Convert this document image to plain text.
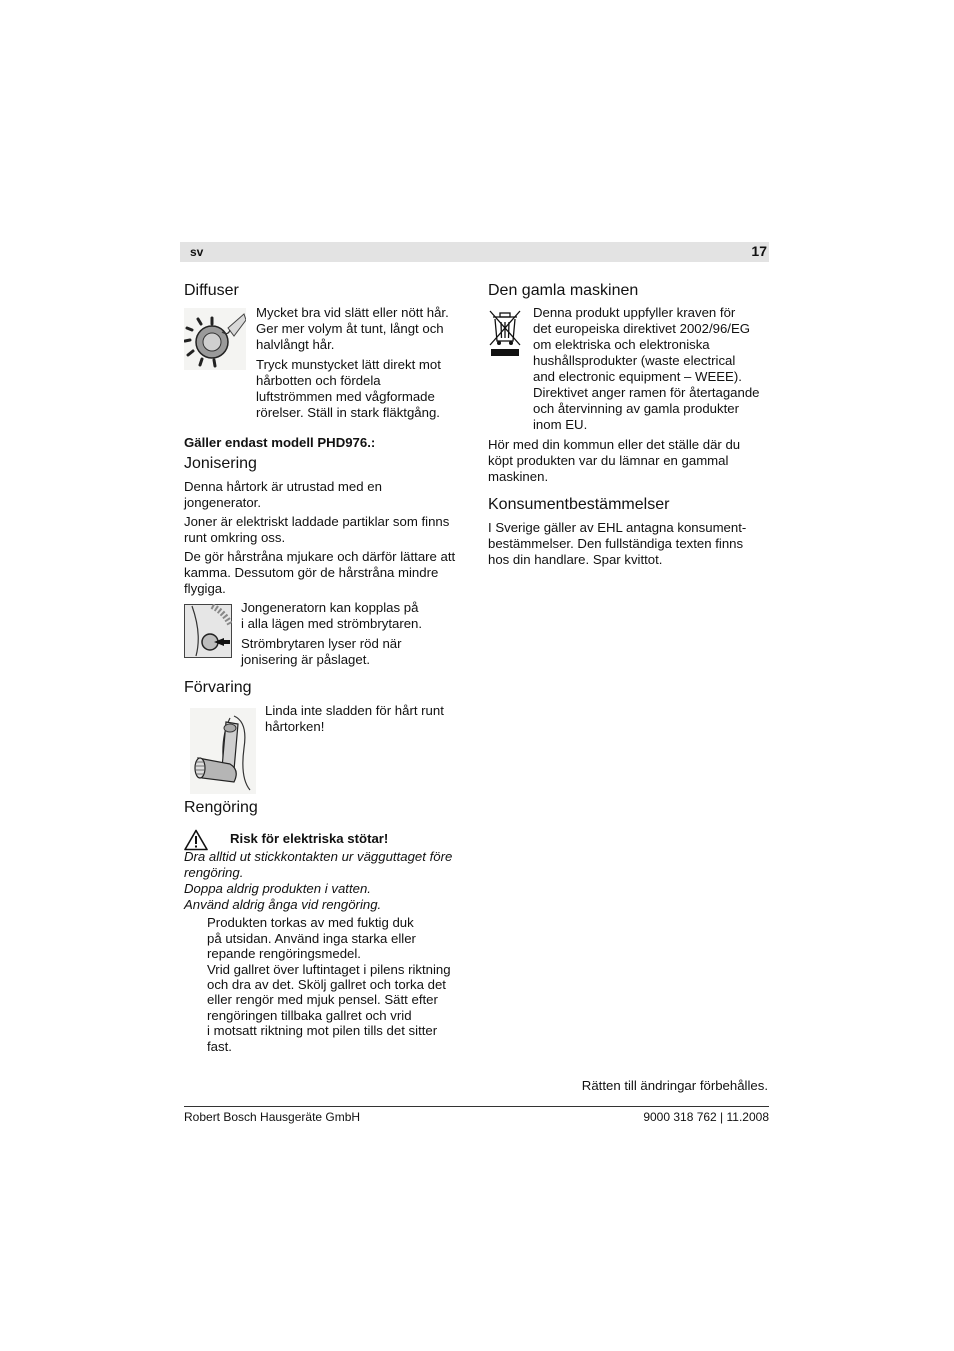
sv	17
Diffuser

Mycket bra vid slätt eller nött hår.

Ger mer volym åt tunt, långt och

halvlångt hår.

Tryck munstycket lätt direkt mot

hårbotten och fördela

luftströmmen med vågformade

rörelser. Ställ in stark fläktgång.

Gäller endast modell PHD976.:

Jonisering

Denna hårtork är utrustad med en

jongenerator.

Joner är elektriskt laddade partiklar som finns

runt omkring oss.

De gör hårstråna mjukare och därför lättare att

kamma. Dessutom gör de hårstråna mindre

flygiga.

Jongeneratorn kan kopplas på

i alla lägen med strömbrytaren.

Strömbrytaren lyser röd när

jonisering är påslaget.

Förvaring

Linda inte sladden för hårt runt

hårtorken!

Rengöring

Risk för elektriska stötar!

Dra alltid ut stickkontakten ur vägguttaget före

rengöring.

Doppa aldrig produkten i vatten.

Använd aldrig ånga vid rengöring.

Produkten torkas av med fuktig duk

på utsidan. Använd inga starka eller

repande rengöringsmedel.

Vrid gallret över luftintaget i pilens riktning

och dra av det. Skölj gallret och torka det

eller rengör med mjuk pensel. Sätt efter

rengöringen tillbaka gallret och vrid

i motsatt riktning mot pilen tills det sitter

fast.

Den gamla maskinen

Denna produkt uppfyller kraven för

det europeiska direktivet 2002/96/EG

om elektriska och elektroniska

hushållsprodukter (waste electrical

and electronic equipment – WEEE).

Direktivet anger ramen för återtagande

och återvinning av gamla produkter

inom EU.

Hör med din kommun eller det ställe där du

köpt produkten var du lämnar en gammal

maskinen.

Konsumentbestämmelser

I Sverige gäller av EHL antagna konsument-

bestämmelser. Den fullständiga texten finns

hos din handlare. Spar kvittot.

Rätten till ändringar förbehålles.

Robert Bosch Hausgeräte GmbH	9000 318 762 | 11.2008
